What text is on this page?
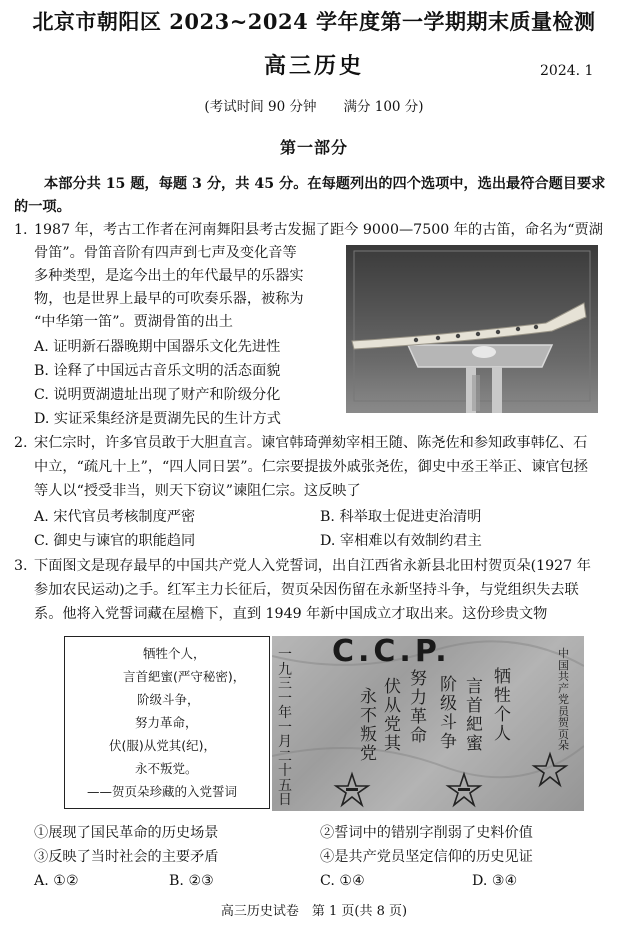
北京市朝阳区 2023~2024 学年度第一学期期末质量检测
高三历史	2024. 1
(考试时间 90 分钟　　满分 100 分)
第一部分
本部分共 15 题，每题 3 分，共 45 分。在每题列出的四个选项中，选出最符合题目要求
的一项。
1. 1987 年，考古工作者在河南舞阳县考古发掘了距今 9000—7500 年的古笛，命名为“贾湖
骨笛”。骨笛音阶有四声到七声及变化音等
多种类型，是迄今出土的年代最早的乐器实
物，也是世界上最早的可吹奏乐器，被称为
“中华第一笛”。贾湖骨笛的出土
A. 证明新石器晚期中国器乐文化先进性
B. 诠释了中国远古音乐文明的活态面貌
C. 说明贾湖遗址出现了财产和阶级分化
D. 实证采集经济是贾湖先民的生计方式
2. 宋仁宗时，许多官员敢于大胆直言。谏官韩琦弹劾宰相王随、陈尧佐和参知政事韩亿、石
中立，“疏凡十上”，“四人同日罢”。仁宗要提拔外戚张尧佐，御史中丞王举正、谏官包拯
等人以“授受非当，则天下窃议”谏阻仁宗。这反映了
A. 宋代官员考核制度严密	B. 科举取士促进吏治清明
C. 御史与谏官的职能趋同	D. 宰相难以有效制约君主
3. 下面图文是现存最早的中国共产党人入党誓词，出自江西省永新县北田村贺页朵(1927 年
参加农民运动)之手。红军主力长征后，贺页朵因伤留在永新坚持斗争，与党组织失去联
系。他将入党誓词藏在屋檐下，直到 1949 年新中国成立才取出来。这份珍贵文物
牺牲个人，
言首紦蜜(严守秘密)，
阶级斗争，
努力革命，
伏(服)从党其(纪)，
永不叛党。
——贺页朵珍藏的入党誓词
C.C.P.
一九三一年一月二十五日
永不叛党
伏从党其
努力革命
阶级斗争
言首紦蜜
牺牲个人
中国共产党员贺页朵
①展现了国民革命的历史场景	②誓词中的错别字削弱了史料价值
③反映了当时社会的主要矛盾	④是共产党员坚定信仰的历史见证
A. ①②	B. ②③	C. ①④	D. ③④
高三历史试卷　第 1 页(共 8 页)
